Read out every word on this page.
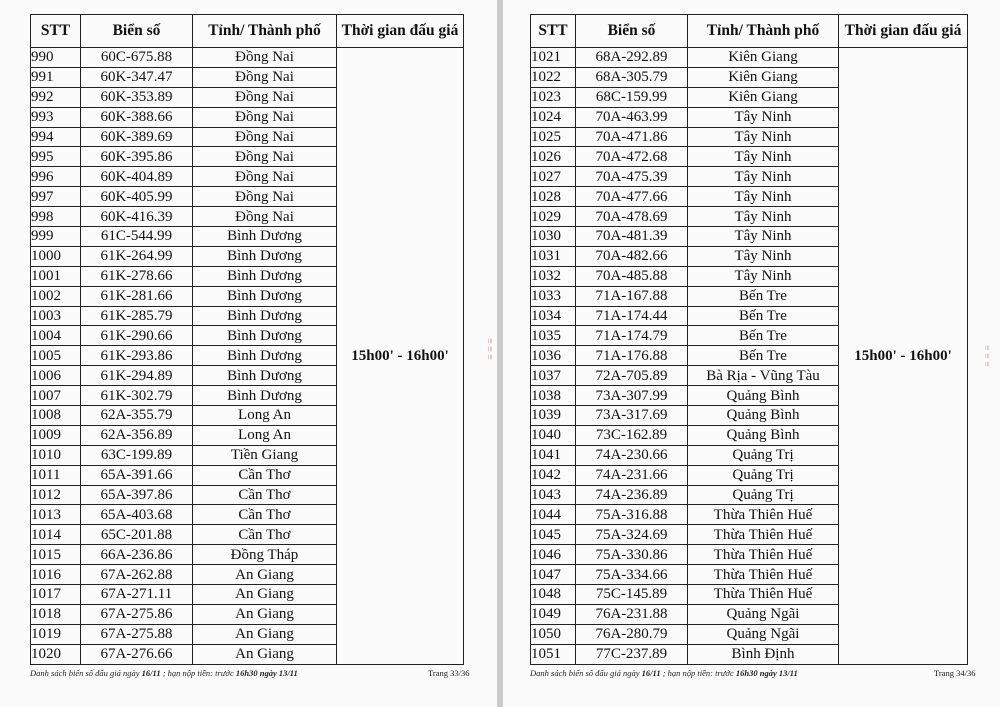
STT	Biển số	Tỉnh/ Thành phố	Thời gian đấu giá
990	60C-675.88	Đồng Nai	15h00' - 16h00'
991	60K-347.47	Đồng Nai	
992	60K-353.89	Đồng Nai	
993	60K-388.66	Đồng Nai	
994	60K-389.69	Đồng Nai	
995	60K-395.86	Đồng Nai	
996	60K-404.89	Đồng Nai	
997	60K-405.99	Đồng Nai	
998	60K-416.39	Đồng Nai	
999	61C-544.99	Bình Dương	
1000	61K-264.99	Bình Dương	
1001	61K-278.66	Bình Dương	
1002	61K-281.66	Bình Dương	
1003	61K-285.79	Bình Dương	
1004	61K-290.66	Bình Dương	
1005	61K-293.86	Bình Dương	
1006	61K-294.89	Bình Dương	
1007	61K-302.79	Bình Dương	
1008	62A-355.79	Long An	
1009	62A-356.89	Long An	
1010	63C-199.89	Tiền Giang	
1011	65A-391.66	Cần Thơ	
1012	65A-397.86	Cần Thơ	
1013	65A-403.68	Cần Thơ	
1014	65C-201.88	Cần Thơ	
1015	66A-236.86	Đồng Tháp	
1016	67A-262.88	An Giang	
1017	67A-271.11	An Giang	
1018	67A-275.86	An Giang	
1019	67A-275.88	An Giang	
1020	67A-276.66	An Giang	
Danh sách biển số đấu giá ngày 16/11 ; hạn nộp tiền: trước 16h30 ngày 13/11	Trang 33/36
≡ ≡ ≡
STT	Biển số	Tỉnh/ Thành phố	Thời gian đấu giá
1021	68A-292.89	Kiên Giang	15h00' - 16h00'
1022	68A-305.79	Kiên Giang	
1023	68C-159.99	Kiên Giang	
1024	70A-463.99	Tây Ninh	
1025	70A-471.86	Tây Ninh	
1026	70A-472.68	Tây Ninh	
1027	70A-475.39	Tây Ninh	
1028	70A-477.66	Tây Ninh	
1029	70A-478.69	Tây Ninh	
1030	70A-481.39	Tây Ninh	
1031	70A-482.66	Tây Ninh	
1032	70A-485.88	Tây Ninh	
1033	71A-167.88	Bến Tre	
1034	71A-174.44	Bến Tre	
1035	71A-174.79	Bến Tre	
1036	71A-176.88	Bến Tre	
1037	72A-705.89	Bà Rịa - Vũng Tàu	
1038	73A-307.99	Quảng Bình	
1039	73A-317.69	Quảng Bình	
1040	73C-162.89	Quảng Bình	
1041	74A-230.66	Quảng Trị	
1042	74A-231.66	Quảng Trị	
1043	74A-236.89	Quảng Trị	
1044	75A-316.88	Thừa Thiên Huế	
1045	75A-324.69	Thừa Thiên Huế	
1046	75A-330.86	Thừa Thiên Huế	
1047	75A-334.66	Thừa Thiên Huế	
1048	75C-145.89	Thừa Thiên Huế	
1049	76A-231.88	Quảng Ngãi	
1050	76A-280.79	Quảng Ngãi	
1051	77C-237.89	Bình Định	
Danh sách biển số đấu giá ngày 16/11 ; hạn nộp tiền: trước 16h30 ngày 13/11	Trang 34/36
≡ ≡ ≡
